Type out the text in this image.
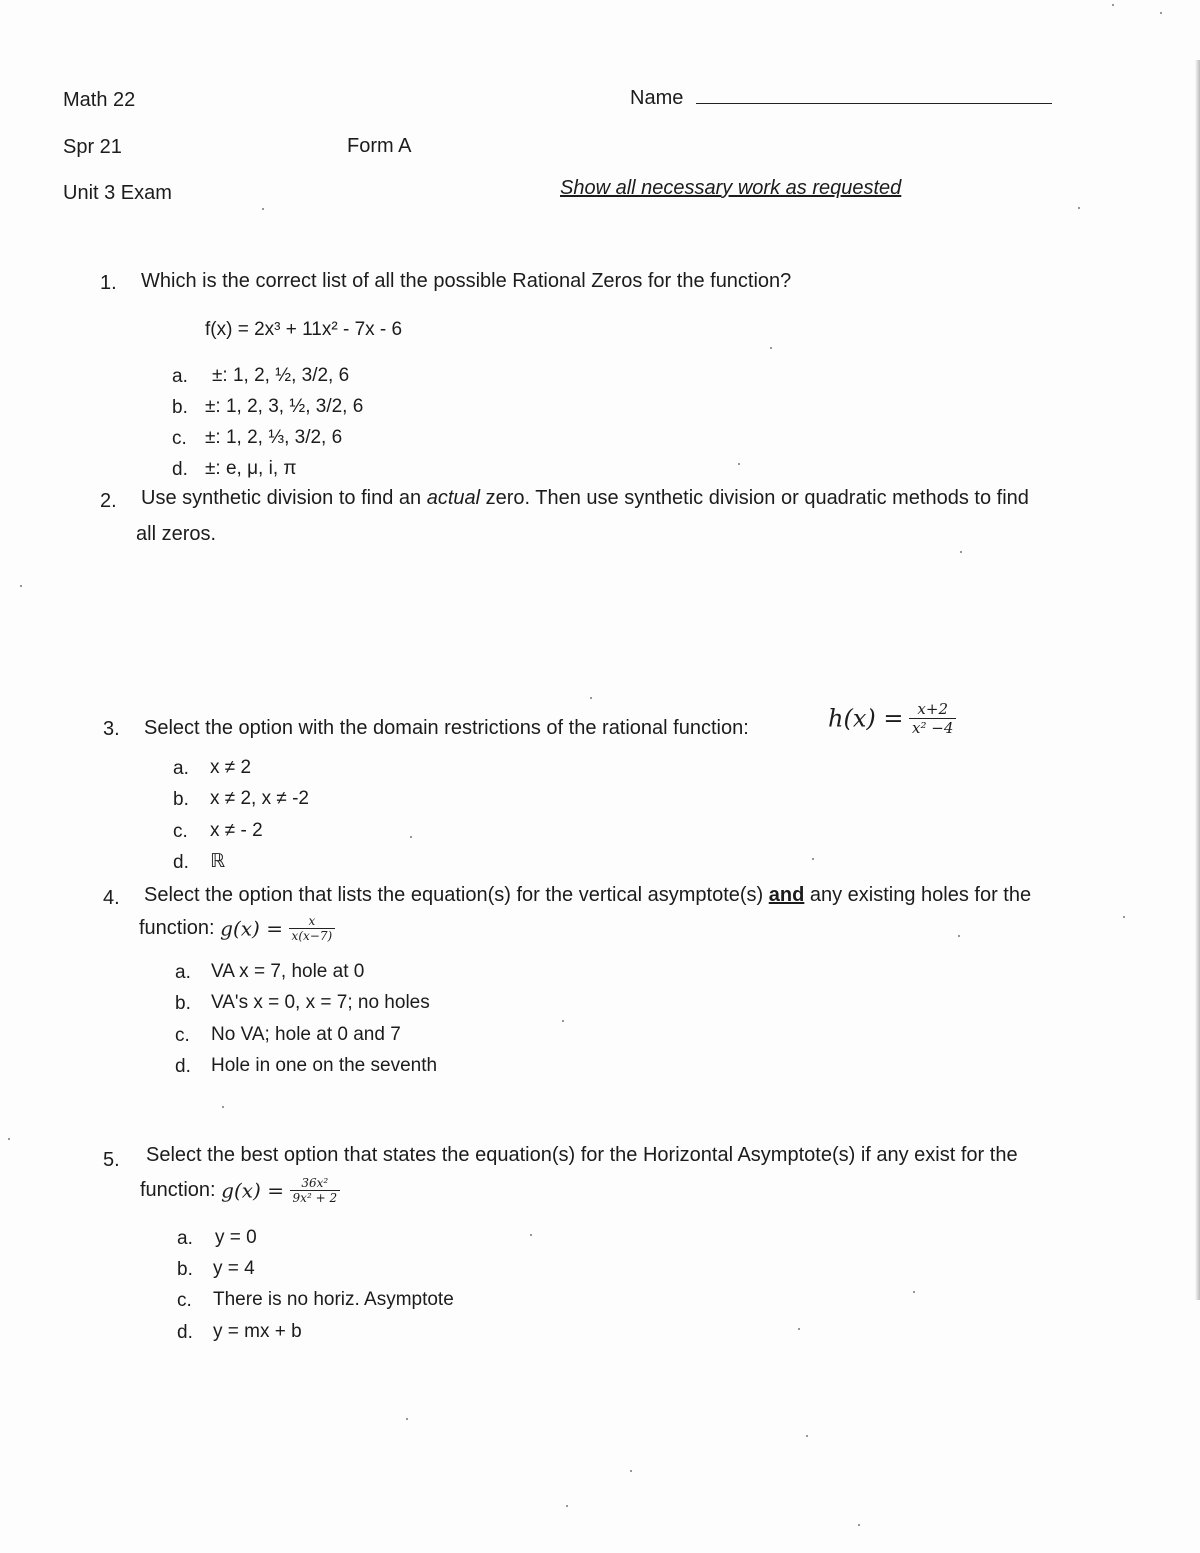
Math 22	Name
Spr 21	Form A
Unit 3 Exam	Show all necessary work as requested
1. Which is the correct list of all the possible Rational Zeros for the function?
f(x) = 2x³ + 11x² - 7x - 6
a. ±: 1, 2, ½, 3/2, 6
b. ±: 1, 2, 3, ½, 3/2, 6
c. ±: 1, 2, ⅓, 3/2, 6
d. ±: e, μ, i, π
2. Use synthetic division to find an actual zero. Then use synthetic division or quadratic methods to find
all zeros.
3. Select the option with the domain restrictions of the rational function:	$h(x) = \frac{x+2}{\text{x² −4}}$
a. x ≠ 2
b. x ≠ 2, x ≠ -2
c. x ≠ - 2
d. ℝ
4. Select the option that lists the equation(s) for the vertical asymptote(s) and any existing holes for the
function: $g(x) = \frac{x}{x(x-7)}$
a. VA x = 7, hole at 0
b. VA's x = 0, x = 7; no holes
c. No VA; hole at 0 and 7
d. Hole in one on the seventh
5. Select the best option that states the equation(s) for the Horizontal Asymptote(s) if any exist for the
function: $g(x) = \frac{\text{36x²}}{\text{9x² + 2}}$
a. y = 0
b. y = 4
c. There is no horiz. Asymptote
d. y = mx + b
